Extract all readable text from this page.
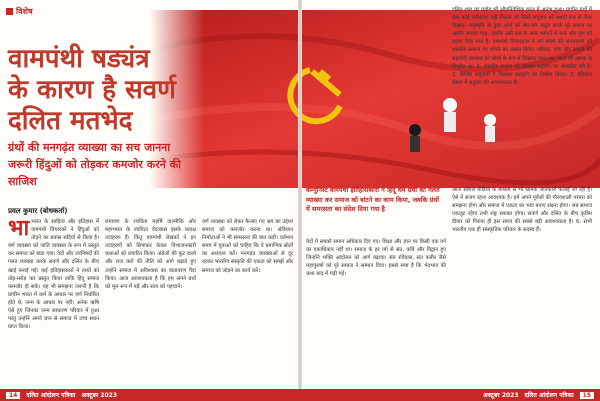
विशेष
वामपंथी षड्यंत्र के कारण है सवर्ण दलित मतभेद

ग्रंथों की मनगढ़ंत व्याख्या का सच जानना जरूरी हिंदुओं को तोड़कर कमजोर करने की साजिश

दलित शब्द का प्रयोग भी औपनिवेशिक काल में आरंभ हुआ। प्राचीन ग्रंथों में ऐसा कोई वर्गीकरण नहीं मिलता जो किसी समुदाय को स्थायी रूप से नीचा दिखाए। मनुस्मृति के कुछ अंशों को बार-बार उद्धृत करके पूरे समाज पर आरोप लगाया गया, जबकि उसी ग्रंथ के अन्य श्लोकों में कर्म और गुण को महत्व दिया गया है। वामपंथी विचारधारा ने वर्ग संघर्ष की अवधारणा को भारतीय समाज पर थोपने का प्रयास किया। परिवार, गांव और समाज की सहयोगी व्यवस्था को संघर्ष के रूप में दिखाया गया। यह भारत की आत्मा के विपरीत था। 1. भारतीय समाज की संरचना सहयोग पर आधारित रही है। 2. विभिन्न समुदायों ने मिलकर संस्कृति का निर्माण किया। 3. इतिहास लेखन में संतुलन की आवश्यकता है।
प्रवल कुमार (बोधकर्ता)
भाभारत के साहित्य और इतिहास में वामपंथी विचारकों ने हिंदुओं को तोड़ने का प्रयास सदियों से किया है। वर्ण व्यवस्था को जाति व्यवस्था के रूप में प्रस्तुत कर समाज को बांटा गया। वेदों और उपनिषदों की गलत व्याख्या करके सवर्ण और दलित के बीच खाई बनाई गई। कई इतिहासकारों ने तथ्यों को तोड़-मरोड़ कर प्रस्तुत किया ताकि हिंदू समाज कमजोर हो सके। यह भी समझना जरूरी है कि प्राचीन भारत में कर्म के आधार पर वर्ण निर्धारित होते थे, जन्म के आधार पर नहीं। अनेक ऋषि ऐसे हुए जिनका जन्म साधारण परिवार में हुआ परंतु उन्होंने अपने ज्ञान से समाज में उच्च स्थान प्राप्त किया।
रामायण के रचयिता महर्षि वाल्मीकि और महाभारत के रचयिता वेदव्यास इसके प्रत्यक्ष उदाहरण हैं। किंतु वामपंथी लेखकों ने इन उदाहरणों को छिपाकर केवल विभाजनकारी कथाओं को प्रचारित किया। अंग्रेजों की फूट डालो और राज करो की नीति को आगे बढ़ाते हुए उन्होंने समाज में अविश्वास का वातावरण पैदा किया। आज आवश्यकता है कि हम अपने ग्रंथों को मूल रूप में पढ़ें और सत्य को पहचानें।
वर्ण व्यवस्था को लेकर फैलाए गए भ्रम का उद्देश्य समाज को कमजोर करना था। संविधान निर्माताओं ने भी समरसता की बात कही। वर्तमान समय में युवाओं को चाहिए कि वे प्रमाणिक स्रोतों का अध्ययन करें। मनगढ़ंत व्याख्याओं से दूर रहकर भारतीय संस्कृति की एकता को समझें और समाज को जोड़ने का कार्य करें।
कम्युनिस्ट वामपंथी इतिहासकारों ने हिंदू धर्म ग्रंथों की गलत व्याख्या कर समाज को बांटने का काम किया, जबकि ग्रंथों में समरसता का संदेश दिया गया है
वेदों में सबको समान अधिकार दिए गए। शिक्षा और ज्ञान पर किसी एक वर्ग का एकाधिकार नहीं था। समाज के हर वर्ग से संत, कवि और विद्वान हुए जिन्होंने भक्ति आंदोलन को आगे बढ़ाया। संत रविदास, संत कबीर जैसे महापुरुषों को पूरे समाज ने सम्मान दिया। इससे स्पष्ट है कि भेदभाव की कथा बाद में गढ़ी गई।
आज सोशल मीडिया के माध्यम से भी भ्रामक जानकारी फैलाई जा रही है। ऐसे में सजग रहना आवश्यक है। हमें अपने पूर्वजों की गौरवशाली परंपरा को समझना होगा और समाज में एकता का भाव बनाए रखना होगा। जब समाज एकजुट रहेगा तभी राष्ट्र सशक्त होगा। सवर्ण और दलित के बीच कृत्रिम दीवार को गिराना ही इस समय की सबसे बड़ी आवश्यकता है। 6. सभी भारतीय एक ही सांस्कृतिक परिवार के सदस्य हैं।
14	दलित आंदोलन पत्रिका अक्टूबर 2023	अक्टूबर 2023 दलित आंदोलन पत्रिका	15
